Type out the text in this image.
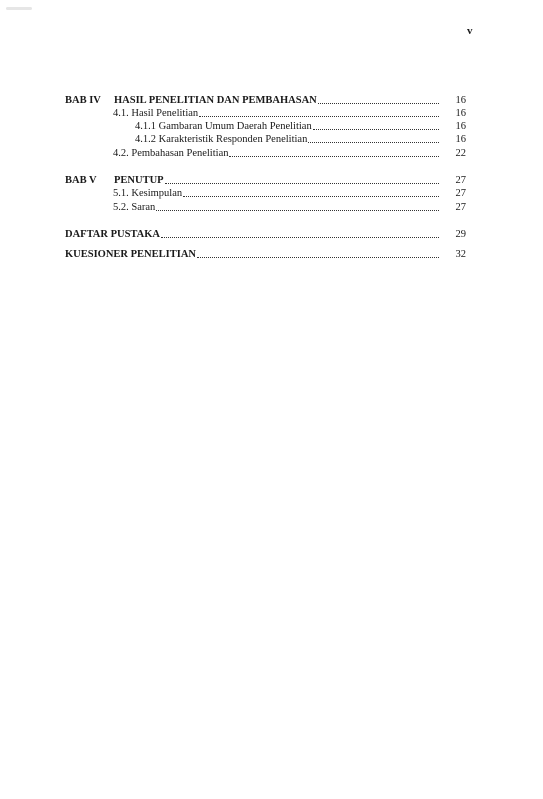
v
BAB IV	HASIL PENELITIAN DAN PEMBAHASAN	16
4.1. Hasil Penelitian	16
4.1.1 Gambaran Umum Daerah Penelitian	16
4.1.2 Karakteristik Responden Penelitian	16
4.2. Pembahasan Penelitian	22
BAB V	PENUTUP	27
5.1. Kesimpulan	27
5.2. Saran	27
DAFTAR PUSTAKA	29
KUESIONER PENELITIAN	32
